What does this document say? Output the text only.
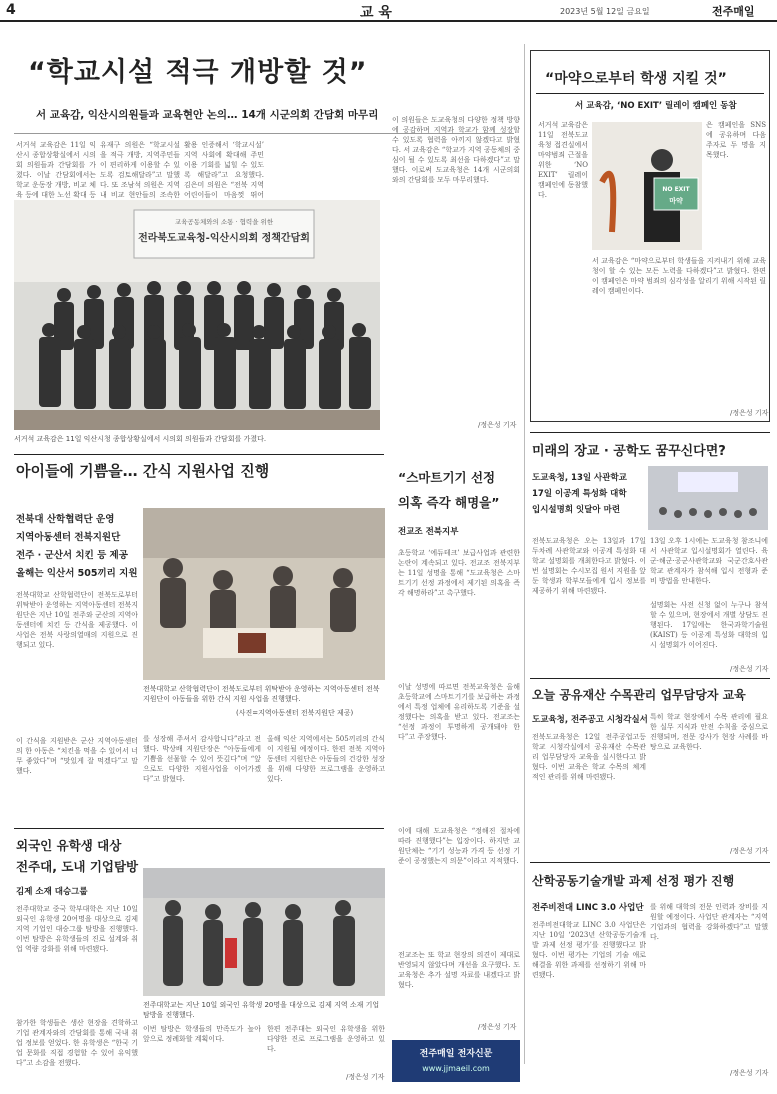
4	교 육	2023년 5월 12일 금요일	전주매일
“학교시설 적극 개방할 것”
서 교육감, 익산시의원들과 교육현안 논의… 14개 시군의회 간담회 마무리
서거석 교육감은 11일 익산시 종합상황실에서 시의회 의원들과 간담회를 가졌다. 이날 간담회에서는 학교 운동장 개방, 비교 체육 등에 대한 노선 확대 등
유재구 의원은 “학교시설을 적극 개방, 지역주민들이 편리하게 이용할 수 있도록 검토해달라”고 말했다. 또 조남석 의원은 지역 내 비교 현안들의 조속한
활용 인증해서 ‘학교시설’ 지역 사회에 확대해 주민 이용 기회를 넓힐 수 있도록 해달라”고 요청했다. 김은미 의원은 “전북 지역 어린이들이 마음껏 뛰어
교육공동체와의 소통 · 협력을 위한
전라북도교육청-익산시의회 정책간담회
서거석 교육감은 11일 익산시청 종합상황실에서 시의회 의원들과 간담회를 가졌다.
이 의원들은 도교육청의 다양한 정책 방향에 공감하며 지역과 학교가 함께 성장할 수 있도록 협력을 아끼지 않겠다고 밝혔다. 서 교육감은 “학교가 지역 공동체의 중심이 될 수 있도록 최선을 다하겠다”고 말했다. 이로써 도교육청은 14개 시군의회와의 간담회를 모두 마무리했다.
/정은성 기자
“마약으로부터 학생 지킬 것”
서 교육감, ‘NO EXIT’ 릴레이 캠페인 동참
서거석 교육감은 11일 전북도교육청 접견실에서 마약범죄 근절을 위한 ‘NO EXIT’ 릴레이 캠페인에 동참했다.
NO EXIT
마약
은 캠페인을 SNS에 공유하며 다음 주자로 두 명을 지목했다.
서 교육감은 “마약으로부터 학생들을 지켜내기 위해 교육청이 할 수 있는 모든 노력을 다하겠다”고 밝혔다. 한편 이 캠페인은 마약 범죄의 심각성을 알리기 위해 시작된 릴레이 캠페인이다.
/정은성 기자
아이들에 기쁨을… 간식 지원사업 진행
전북대 산학협력단 운영
지역아동센터 전북지원단
전주 · 군산서 치킨 등 제공
올해는 익산서 505끼리 지원
전북대학교 산학협력단이 전북도로부터 위탁받아 운영하는 지역아동센터 전북지원단은 지난 10일 전주와 군산의 지역아동센터에 치킨 등 간식을 제공했다. 이 사업은 전북 사랑의열매의 지원으로 진행되고 있다.
이 간식을 지원받은 군산 지역아동센터의 한 아동은 “치킨을 먹을 수 있어서 너무 좋았다”며 “맛있게 잘 먹겠다”고 말했다.
전북대학교 산학협력단이 전북도로부터 위탁받아 운영하는 지역아동센터 전북지원단이 아동들을 위한 간식 지원 사업을 진행했다.
(사진=지역아동센터 전북지원단 제공)
를 성장해 주셔서 감사합니다”라고 전했다. 박상배 지원단장은 “아동들에게 기쁨을 선물할 수 있어 뜻깊다”며 “앞으로도 다양한 지원사업을 이어가겠다”고 밝혔다.
올해 익산 지역에서는 505끼리의 간식이 지원될 예정이다. 한편 전북 지역아동센터 지원단은 아동들의 건강한 성장을 위해 다양한 프로그램을 운영하고 있다.
“스마트기기 선정
의혹 즉각 해명을”
전교조 전북지부
초등학교 ‘에듀테크’ 보급사업과 관련한 논란이 계속되고 있다. 전교조 전북지부는 11일 성명을 통해 “도교육청은 스마트기기 선정 과정에서 제기된 의혹을 즉각 해명하라”고 촉구했다.
이날 성명에 따르면 전북교육청은 올해 초등학교에 스마트기기를 보급하는 과정에서 특정 업체에 유리하도록 기준을 설정했다는 의혹을 받고 있다. 전교조는 “선정 과정이 투명하게 공개돼야 한다”고 주장했다.
이에 대해 도교육청은 “정해진 절차에 따라 진행했다”는 입장이다. 하지만 교원단체는 “기기 성능과 가격 등 선정 기준이 공정했는지 의문”이라고 지적했다.
전교조는 또 학교 현장의 의견이 제대로 반영되지 않았다며 개선을 요구했다. 도교육청은 추가 설명 자료를 내겠다고 밝혔다.
/정은성 기자
미래의 장교 · 공학도 꿈꾸신다면?
도교육청, 13일 사관학교
17일 이공계 특성화 대학
입시설명회 잇달아 마련
전북도교육청은 오는 13일과 17일 두차례 사관학교와 이공계 특성화 대학교 설명회를 개최한다고 밝혔다. 이번 설명회는 수시모집 원서 지원을 앞둔 학생과 학부모들에게 입시 정보를 제공하기 위해 마련됐다.
13일 오후 1시에는 도교육청 참조니에서 사관학교 입시설명회가 열린다. 육군·해군·공군사관학교와 국군간호사관학교 관계자가 참석해 입시 전형과 준비 방법을 안내한다.
설명회는 사전 신청 없이 누구나 참석할 수 있으며, 현장에서 개별 상담도 진행된다. 17일에는 한국과학기술원(KAIST) 등 이공계 특성화 대학의 입시 설명회가 이어진다.
/정은성 기자
오늘 공유재산 수목관리 업무담당자 교육
도교육청, 전주공고 시청각실서
전북도교육청은 12일 전주공업고등학교 시청각실에서 공유재산 수목관리 업무담당자 교육을 실시한다고 밝혔다. 이번 교육은 학교 수목의 체계적인 관리를 위해 마련됐다.
특히 학교 현장에서 수목 관리에 필요한 실무 지식과 안전 수칙을 중심으로 진행되며, 전문 강사가 현장 사례를 바탕으로 교육한다.
/정은성 기자
산학공동기술개발 과제 선정 평가 진행
전주비전대 LINC 3.0 사업단
전주비전대학교 LINC 3.0 사업단은 지난 10일 ‘2023년 산학공동기술개발 과제 선정 평가’를 진행했다고 밝혔다. 이번 평가는 기업의 기술 애로 해결을 위한 과제를 선정하기 위해 마련됐다.
를 위해 대학의 전문 인력과 장비를 지원할 예정이다. 사업단 관계자는 “지역 기업과의 협력을 강화하겠다”고 말했다.
/정은성 기자
외국인 유학생 대상
전주대, 도내 기업탐방
김제 소재 대승그룹
전주대학교 중국 학부대학은 지난 10일 외국인 유학생 20여명을 대상으로 김제 지역 기업인 대승그룹 탐방을 진행했다. 이번 탐방은 유학생들의 진로 설계와 취업 역량 강화를 위해 마련됐다.
참가한 학생들은 생산 현장을 견학하고 기업 관계자와의 간담회를 통해 국내 취업 정보를 얻었다. 한 유학생은 “한국 기업 문화를 직접 경험할 수 있어 유익했다”고 소감을 전했다.
전주대학교는 지난 10일 외국인 유학생 20명을 대상으로 김제 지역 소재 기업 탐방을 진행했다.
이번 탐방은 학생들의 만족도가 높아 앞으로 정례화할 계획이다.
한편 전주대는 외국인 유학생을 위한 다양한 진로 프로그램을 운영하고 있다.
/정은성 기자
전주매일 전자신문
www.jjmaeil.com
